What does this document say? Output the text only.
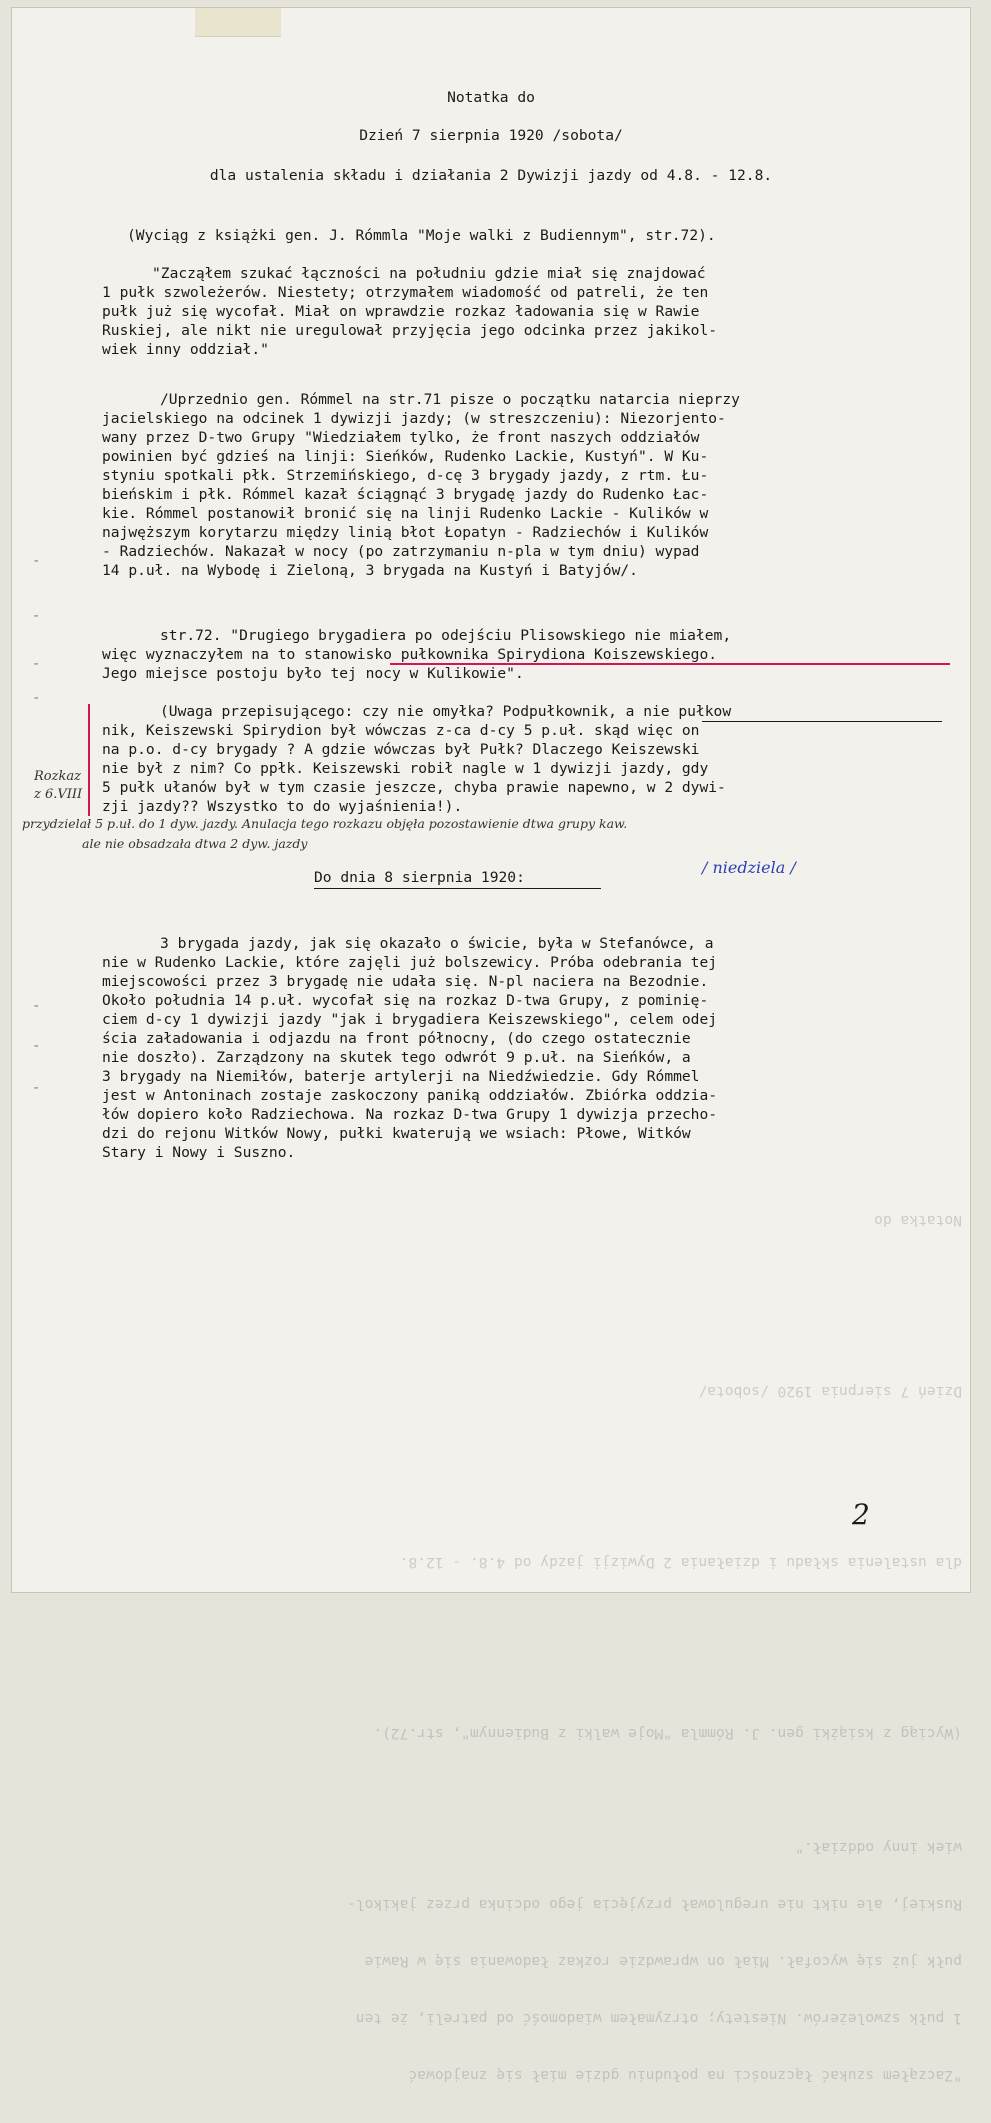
"Zacząłem szukać łączności na południu gdzie miał się znajdować

1 pułk szwoleżerów. Niestety; otrzymałem wiadomość od patreli, że ten

pułk już się wycofał. Miał on wprawdzie rozkaz ładowania się w Rawie

Ruskiej, ale nikt nie uregulował przyjęcia jego odcinka przez jakikol-

wiek inny oddział."

(Wyciąg z książki gen. J. Rómmla "Moje walki z Budiennym", str.72).

dla ustalenia składu i działania 2 Dywizji jazdy od 4.8. - 12.8.

Dzień 7 sierpnia 1920 /sobota/

Notatka do

Notatka do
Dzień 7 sierpnia 1920 /sobota/
dla ustalenia składu i działania 2 Dywizji jazdy od 4.8. - 12.8.
(Wyciąg z książki gen. J. Rómmla "Moje walki z Budiennym", str.72).
"Zacząłem szukać łączności na południu gdzie miał się znajdować
1 pułk szwoleżerów. Niestety; otrzymałem wiadomość od patreli, że ten
pułk już się wycofał. Miał on wprawdzie rozkaz ładowania się w Rawie
Ruskiej, ale nikt nie uregulował przyjęcia jego odcinka przez jakikol-
wiek inny oddział."
/Uprzednio gen. Rómmel na str.71 pisze o początku natarcia nieprzy
jacielskiego na odcinek 1 dywizji jazdy; (w streszczeniu): Niezorjento-
wany przez D-two Grupy "Wiedziałem tylko, że front naszych oddziałów
powinien być gdzieś na linji: Sieńków, Rudenko Lackie, Kustyń". W Ku-
styniu spotkali płk. Strzemińskiego, d-cę 3 brygady jazdy, z rtm. Łu-
bieńskim i płk. Rómmel kazał ściągnąć 3 brygadę jazdy do Rudenko Łac-
kie. Rómmel postanowił bronić się na linji Rudenko Lackie - Kulików w
najwęższym korytarzu między linią błot Łopatyn - Radziechów i Kulików
- Radziechów. Nakazał w nocy (po zatrzymaniu n-pla w tym dniu) wypad
14 p.uł. na Wybodę i Zieloną, 3 brygada na Kustyń i Batyjów/.
str.72. "Drugiego brygadiera po odejściu Plisowskiego nie miałem,
więc wyznaczyłem na to stanowisko pułkownika Spirydiona Koiszewskiego.
Jego miejsce postoju było tej nocy w Kulikowie".
(Uwaga przepisującego: czy nie omyłka? Podpułkownik, a nie pułkow
nik, Keiszewski Spirydion był wówczas z-ca d-cy 5 p.uł. skąd więc on
na p.o. d-cy brygady ? A gdzie wówczas był Pułk? Dlaczego Keiszewski
nie był z nim? Co ppłk. Keiszewski robił nagle w 1 dywizji jazdy, gdy
5 pułk ułanów był w tym czasie jeszcze, chyba prawie napewno, w 2 dywi-
zji jazdy?? Wszystko to do wyjaśnienia!).
Rozkaz
z 6.VIII
przydzielał 5 p.uł. do 1 dyw. jazdy. Anulacja tego rozkazu objęła pozostawienie dtwa grupy kaw.
ale nie obsadzała dtwa 2 dyw. jazdy
/ niedziela /
Do dnia 8 sierpnia 1920:
3 brygada jazdy, jak się okazało o świcie, była w Stefanówce, a
nie w Rudenko Lackie, które zajęli już bolszewicy. Próba odebrania tej
miejscowości przez 3 brygadę nie udała się. N-pl naciera na Bezodnie.
Około południa 14 p.uł. wycofał się na rozkaz D-twa Grupy, z pominię-
ciem d-cy 1 dywizji jazdy "jak i brygadiera Keiszewskiego", celem odej
ścia załadowania i odjazdu na front północny, (do czego ostatecznie
nie doszło). Zarządzony na skutek tego odwrót 9 p.uł. na Sieńków, a
3 brygady na Niemiłów, baterje artylerji na Niedźwiedzie. Gdy Rómmel
jest w Antoninach zostaje zaskoczony paniką oddziałów. Zbiórka oddzia-
łów dopiero koło Radziechowa. Na rozkaz D-twa Grupy 1 dywizja przecho-
dzi do rejonu Witków Nowy, pułki kwaterują we wsiach: Płowe, Witków
Stary i Nowy i Suszno.
-
-
-
-
-
-
-
2
